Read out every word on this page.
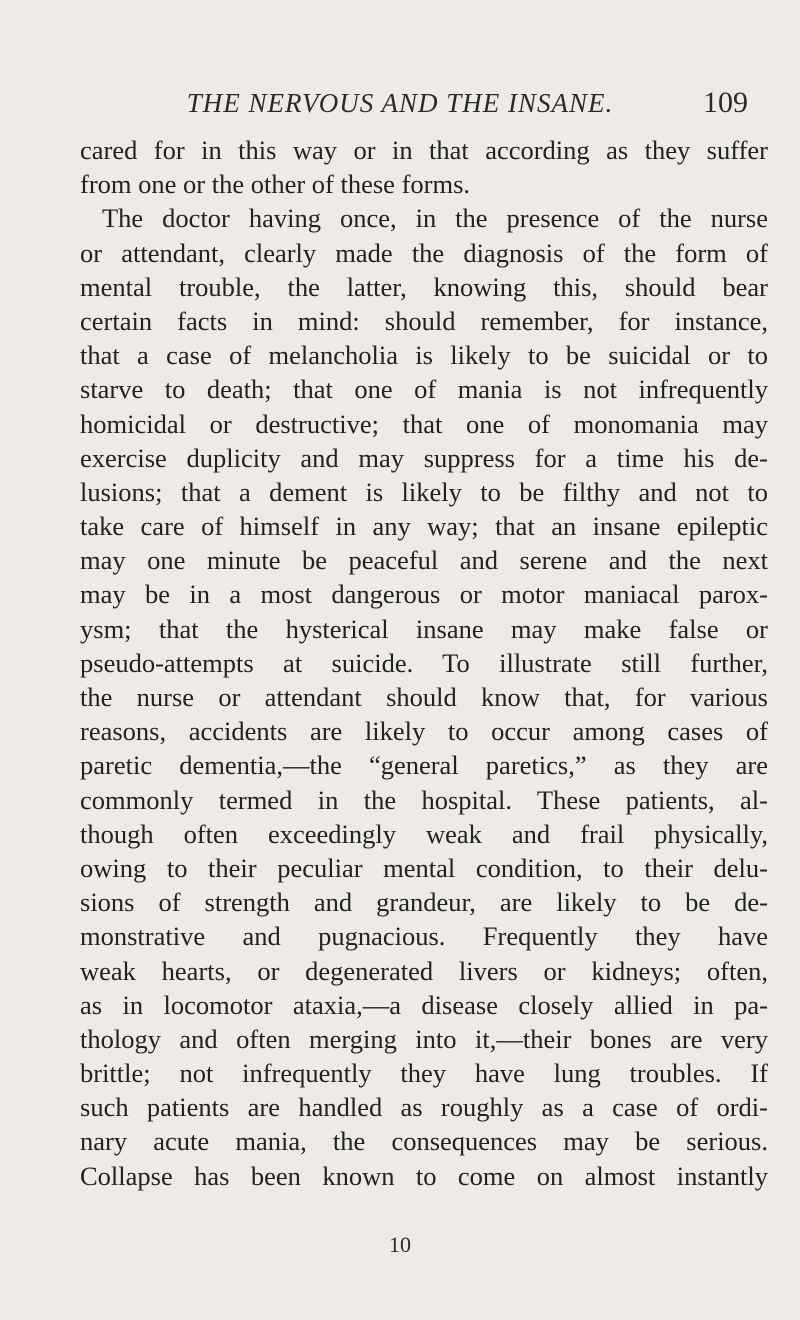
THE NERVOUS AND THE INSANE.	109
cared for in this way or in that according as they suffer
from one or the other of these forms.
The doctor having once, in the presence of the nurse
or attendant, clearly made the diagnosis of the form of
mental trouble, the latter, knowing this, should bear
certain facts in mind: should remember, for instance,
that a case of melancholia is likely to be suicidal or to
starve to death; that one of mania is not infrequently
homicidal or destructive; that one of monomania may
exercise duplicity and may suppress for a time his de-
lusions; that a dement is likely to be filthy and not to
take care of himself in any way; that an insane epileptic
may one minute be peaceful and serene and the next
may be in a most dangerous or motor maniacal parox-
ysm; that the hysterical insane may make false or
pseudo-attempts at suicide. To illustrate still further,
the nurse or attendant should know that, for various
reasons, accidents are likely to occur among cases of
paretic dementia,—the “general paretics,” as they are
commonly termed in the hospital. These patients, al-
though often exceedingly weak and frail physically,
owing to their peculiar mental condition, to their delu-
sions of strength and grandeur, are likely to be de-
monstrative and pugnacious. Frequently they have
weak hearts, or degenerated livers or kidneys; often,
as in locomotor ataxia,—a disease closely allied in pa-
thology and often merging into it,—their bones are very
brittle; not infrequently they have lung troubles. If
such patients are handled as roughly as a case of ordi-
nary acute mania, the consequences may be serious.
Collapse has been known to come on almost instantly
10
